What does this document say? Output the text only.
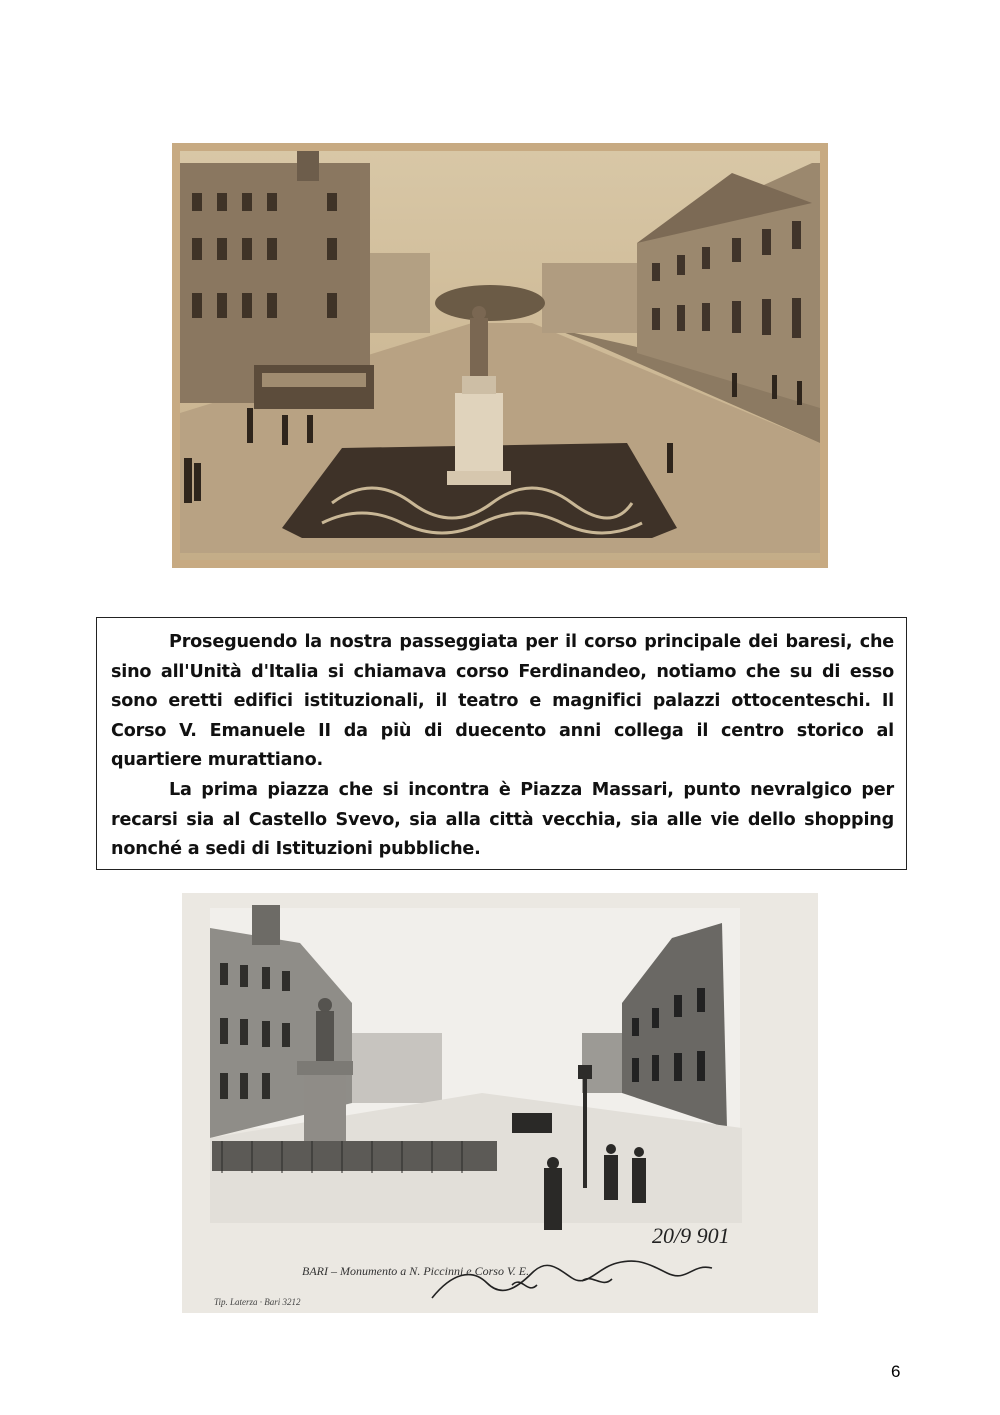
Proseguendo la nostra passeggiata per il corso principale dei baresi, che sino all'Unità d'Italia si chiamava corso Ferdinandeo, notiamo che su di esso sono eretti edifici istituzionali, il teatro e magnifici palazzi ottocenteschi. Il Corso V. Emanuele II da più di duecento anni collega il centro storico al quartiere murattiano.

La prima piazza che si incontra è Piazza Massari, punto nevralgico per recarsi sia al Castello Svevo, sia alla città vecchia, sia alle vie dello shopping nonché a sedi di Istituzioni pubbliche.

BARI – Monumento a N. Piccinni e Corso V. E.
20/9 901
Tip. Laterza · Bari 3212
6
